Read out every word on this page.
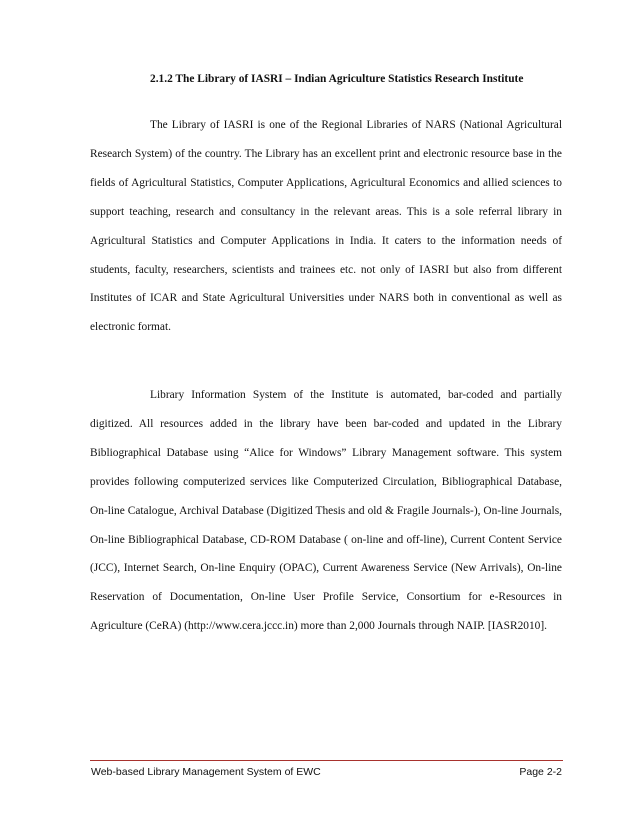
2.1.2 The Library of IASRI – Indian Agriculture Statistics Research Institute

The Library of IASRI is one of the Regional Libraries of NARS (National Agricultural Research System) of the country. The Library has an excellent print and electronic resource base in the fields of Agricultural Statistics, Computer Applications, Agricultural Economics and allied sciences to support teaching, research and consultancy in the relevant areas. This is a sole referral library in Agricultural Statistics and Computer Applications in India. It caters to the information needs of students, faculty, researchers, scientists and trainees etc. not only of IASRI but also from different Institutes of ICAR and State Agricultural Universities under NARS both in conventional as well as electronic format.

Library Information System of the Institute is automated, bar-coded and partially digitized. All resources added in the library have been bar-coded and updated in the Library Bibliographical Database using “Alice for Windows” Library Management software. This system provides following computerized services like Computerized Circulation, Bibliographical Database, On-line Catalogue, Archival Database (Digitized Thesis and old & Fragile Journals-), On-line Journals, On-line Bibliographical Database, CD-ROM Database ( on-line and off-line), Current Content Service (JCC), Internet Search, On-line Enquiry (OPAC), Current Awareness Service (New Arrivals), On-line Reservation of Documentation, On-line User Profile Service, Consortium for e-Resources in Agriculture (CeRA) (http://www.cera.jccc.in) more than 2,000 Journals through NAIP. [IASR2010].

Web-based Library Management System of EWC	Page 2-2
